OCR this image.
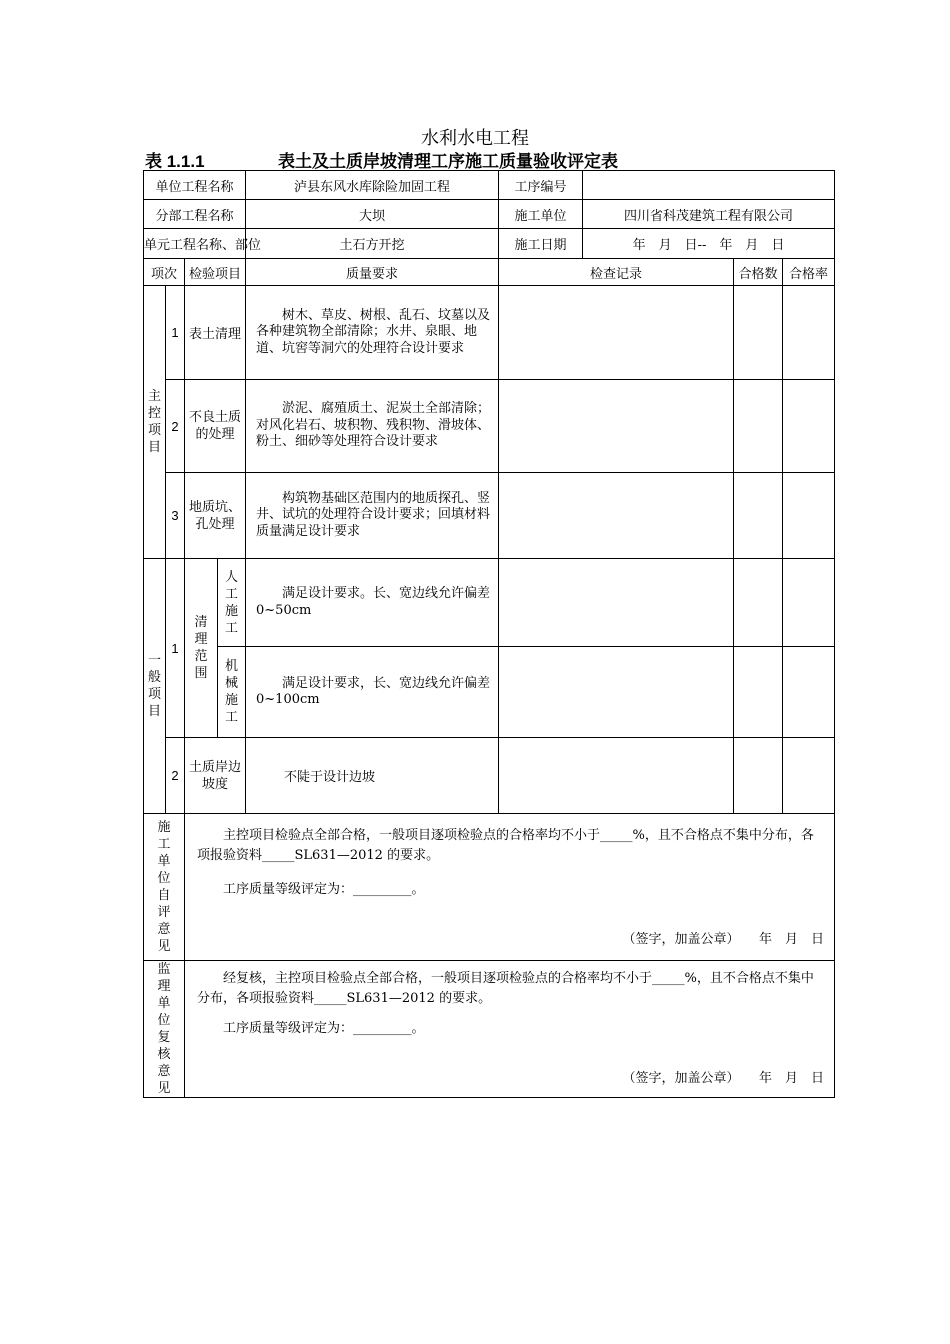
水利水电工程
表 1.1.1	表土及土质岸坡清理工序施工质量验收评定表
单位工程名称				泸县东风水库除险加固工程	工序编号			
分部工程名称				大坝	施工单位	四川省科茂建筑工程有限公司		
单元工程名称、部位				土石方开挖	施工日期	年　月　日--　年　月　日		
项次		检验项目		质量要求	检查记录		合格数	合格率

主控项目	1	表土清理		树木、草皮、树根、乱石、坟墓以及各种建筑物全部清除；水井、泉眼、地道、坑窖等洞穴的处理符合设计要求				
	2	不良土质的处理		淤泥、腐殖质土、泥炭土全部清除；对风化岩石、坡积物、残积物、滑坡体、粉土、细砂等处理符合设计要求				
	3	地质坑、孔处理		构筑物基础区范围内的地质探孔、竖井、试坑的处理符合设计要求；回填材料质量满足设计要求				

一般项目	1	清理范围	人工施工	满足设计要求。长、宽边线允许偏差 0~50cm				

			机械施工	满足设计要求，长、宽边线允许偏差 0~100cm				
	2	土质岸边坡度		不陡于设计边坡				

施工单位自评意见		主控项目检验点全部合格，一般项目逐项检验点的合格率均不小于_____%，且不合格点不集中分布，各项报验资料_____SL631—2012 的要求。
工序质量等级评定为：_________。
（签字，加盖公章）　　年　月　日						

监理单位复核意见		经复核，主控项目检验点全部合格，一般项目逐项检验点的合格率均不小于_____%，且不合格点不集中分布，各项报验资料_____SL631—2012 的要求。
工序质量等级评定为：_________。
（签字，加盖公章）　　年　月　日						
